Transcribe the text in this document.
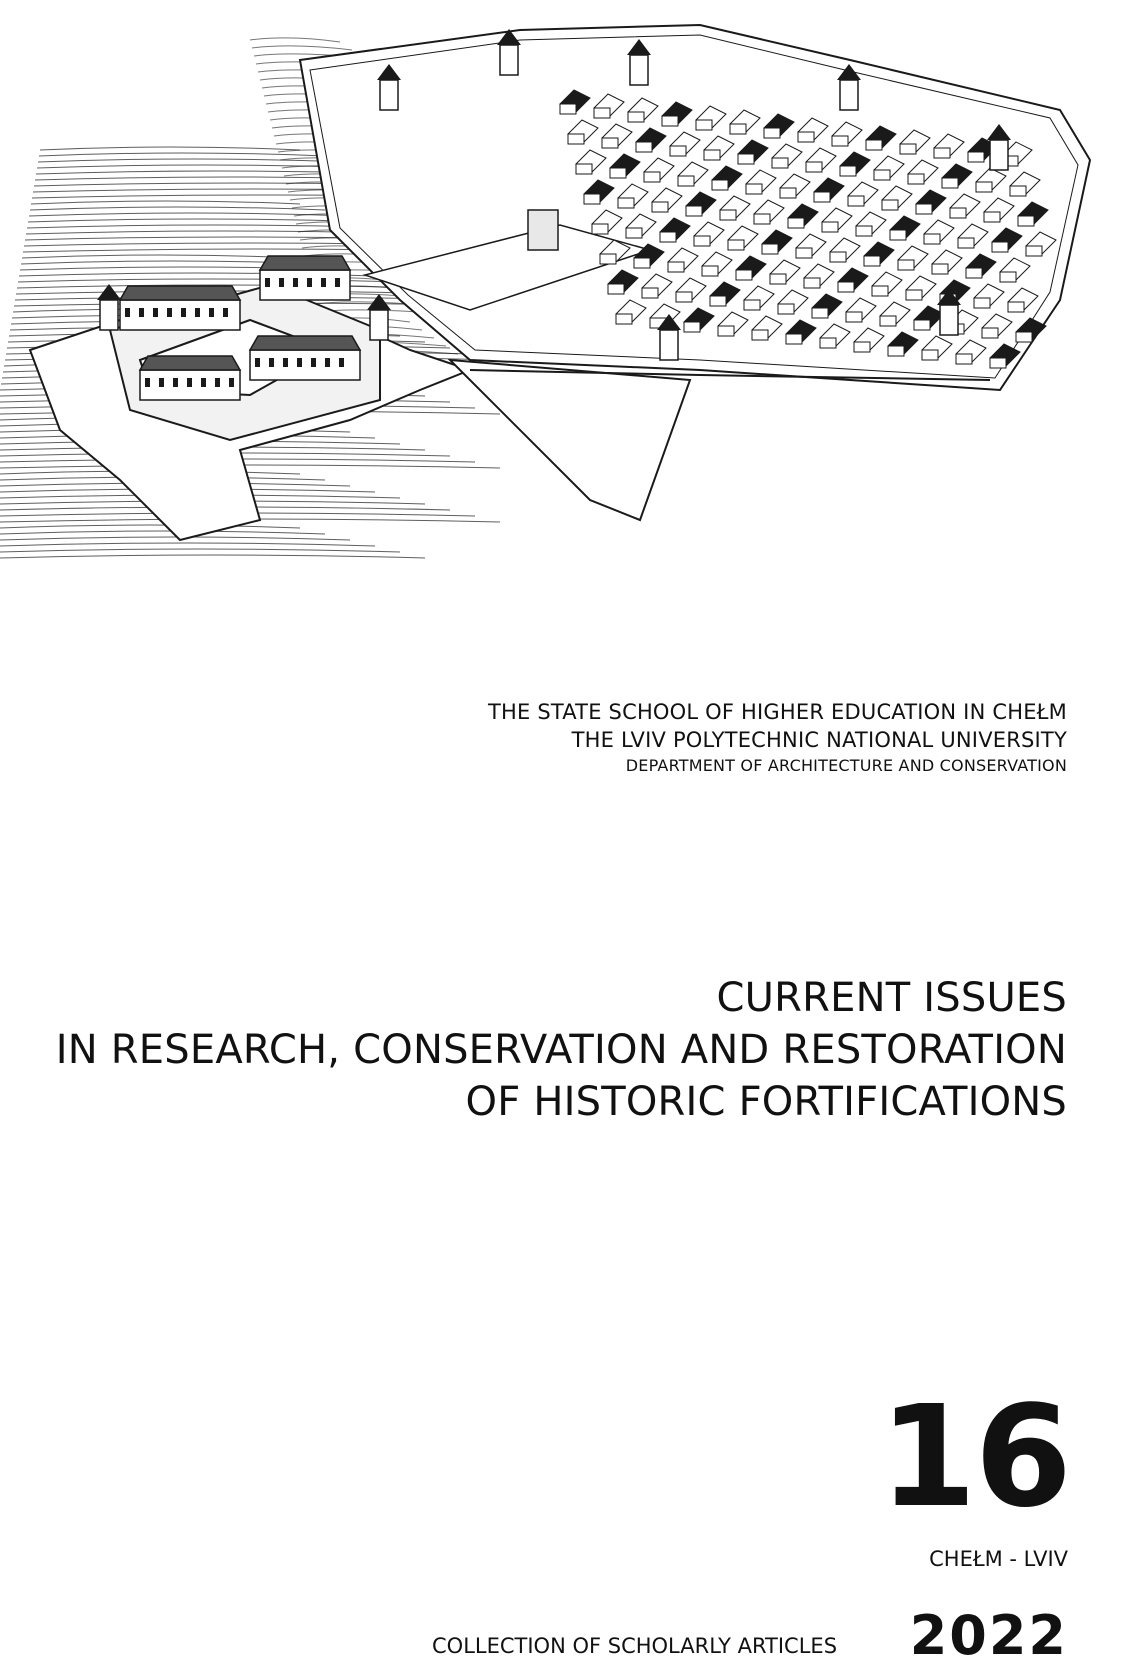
THE STATE SCHOOL OF HIGHER EDUCATION IN CHEŁM
THE LVIV POLYTECHNIC NATIONAL UNIVERSITY
DEPARTMENT OF ARCHITECTURE AND CONSERVATION
CURRENT ISSUES
IN RESEARCH, CONSERVATION AND RESTORATION
OF HISTORIC FORTIFICATIONS
16
CHEŁM - LVIV
COLLECTION OF SCHOLARLY ARTICLES 2022
